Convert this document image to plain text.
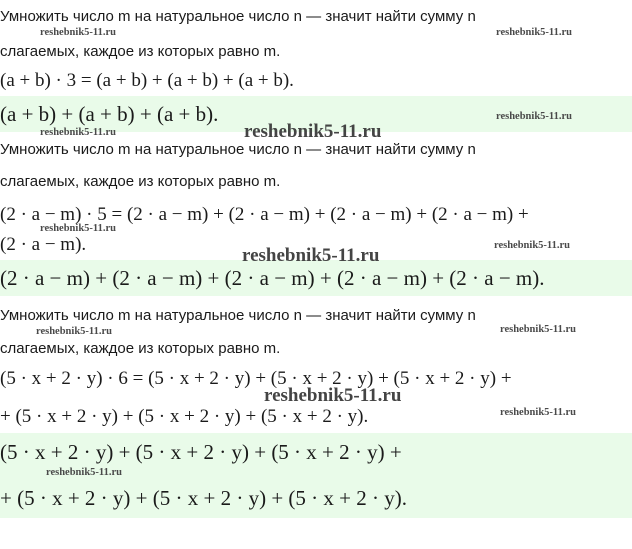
Умножить число m на натуральное число n — значит найти сумму n
слагаемых, каждое из которых равно m.
(a + b) · 3 = (a + b) + (a + b) + (a + b).
(a + b) + (a + b) + (a + b).
Умножить число m на натуральное число n — значит найти сумму n
слагаемых, каждое из которых равно m.
(2 · a − m) · 5 = (2 · a − m) + (2 · a − m) + (2 · a − m) + (2 · a − m) +
(2 · a − m).
(2 · a − m) + (2 · a − m) + (2 · a − m) + (2 · a − m) + (2 · a − m).
Умножить число m на натуральное число n — значит найти сумму n
слагаемых, каждое из которых равно m.
(5 · x + 2 · y) · 6 = (5 · x + 2 · y) + (5 · x + 2 · y) + (5 · x + 2 · y) +
+ (5 · x + 2 · y) + (5 · x + 2 · y) + (5 · x + 2 · y).
(5 · x + 2 · y) + (5 · x + 2 · y) + (5 · x + 2 · y) +
+ (5 · x + 2 · y) + (5 · x + 2 · y) + (5 · x + 2 · y).
reshebnik5-11.ru	reshebnik5-11.ru
reshebnik5-11.ru
reshebnik5-11.ru	reshebnik5-11.ru
reshebnik5-11.ru
reshebnik5-11.ru
reshebnik5-11.ru
reshebnik5-11.ru	reshebnik5-11.ru
reshebnik5-11.ru
reshebnik5-11.ru
reshebnik5-11.ru
